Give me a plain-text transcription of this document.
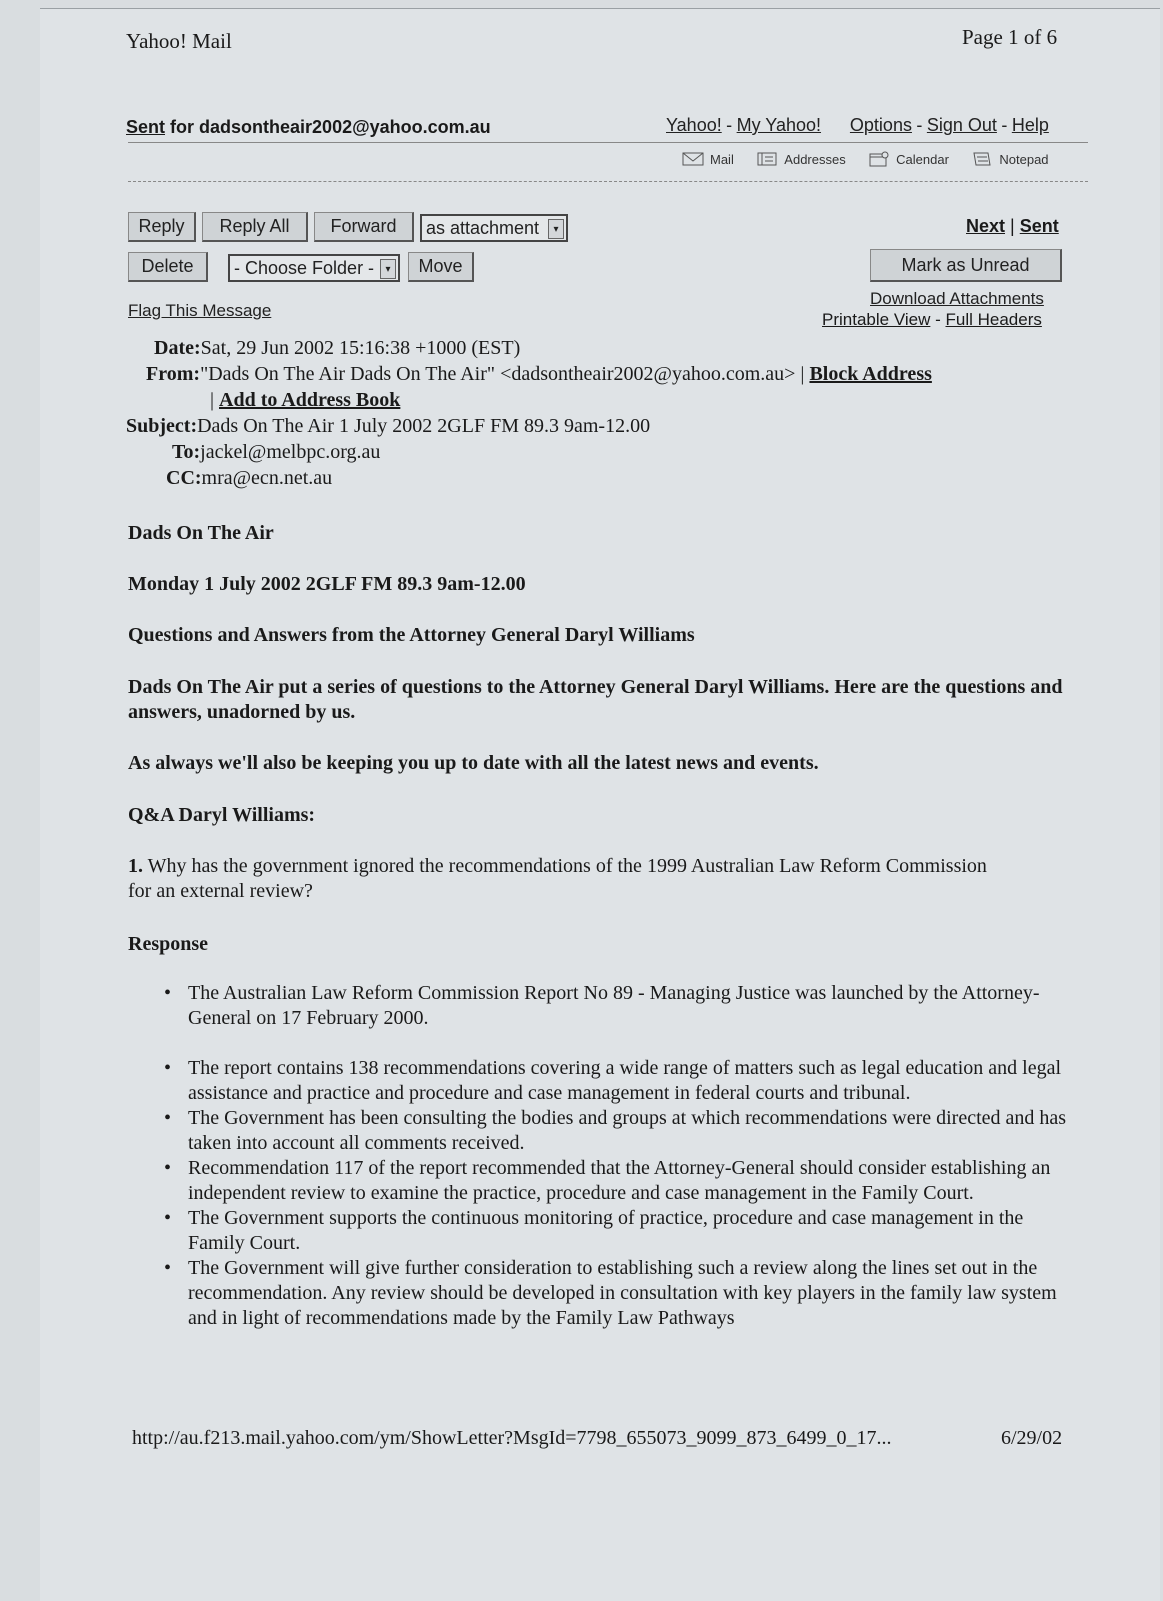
Yahoo! Mail	Page 1 of 6
Sent for dadsontheair2002@yahoo.com.au	Yahoo! - My Yahoo! Options - Sign Out - Help
Mail
	Addresses
	Calendar
	Notepad
Reply	Reply All	Forward	as attachment	▾
Delete	- Choose Folder -	▾	Move
Next | Sent
Mark as Unread
Flag This Message
Download Attachments
Printable View - Full Headers
Date:Sat, 29 Jun 2002 15:16:38 +1000 (EST)
From:"Dads On The Air Dads On The Air" <dadsontheair2002@yahoo.com.au> | Block Address
| Add to Address Book
Subject:Dads On The Air 1 July 2002 2GLF FM 89.3 9am-12.00
To:jackel@melbpc.org.au
CC:mra@ecn.net.au
Dads On The Air
Monday 1 July 2002 2GLF FM 89.3 9am-12.00
Questions and Answers from the Attorney General Daryl Williams
Dads On The Air put a series of questions to the Attorney General Daryl Williams. Here are the questions and answers, unadorned by us.
As always we'll also be keeping you up to date with all the latest news and events.
Q&A Daryl Williams:
1. Why has the government ignored the recommendations of the 1999 Australian Law Reform Commission for an external review?
Response
• The Australian Law Reform Commission Report No 89 - Managing Justice was launched by the Attorney-General on 17 February 2000.
• The report contains 138 recommendations covering a wide range of matters such as legal education and legal assistance and practice and procedure and case management in federal courts and tribunal.
• The Government has been consulting the bodies and groups at which recommendations were directed and has taken into account all comments received.
• Recommendation 117 of the report recommended that the Attorney-General should consider establishing an independent review to examine the practice, procedure and case management in the Family Court.
• The Government supports the continuous monitoring of practice, procedure and case management in the Family Court.
• The Government will give further consideration to establishing such a review along the lines set out in the recommendation. Any review should be developed in consultation with key players in the family law system and in light of recommendations made by the Family Law Pathways
http://au.f213.mail.yahoo.com/ym/ShowLetter?MsgId=7798_655073_9099_873_6499_0_17...	6/29/02
